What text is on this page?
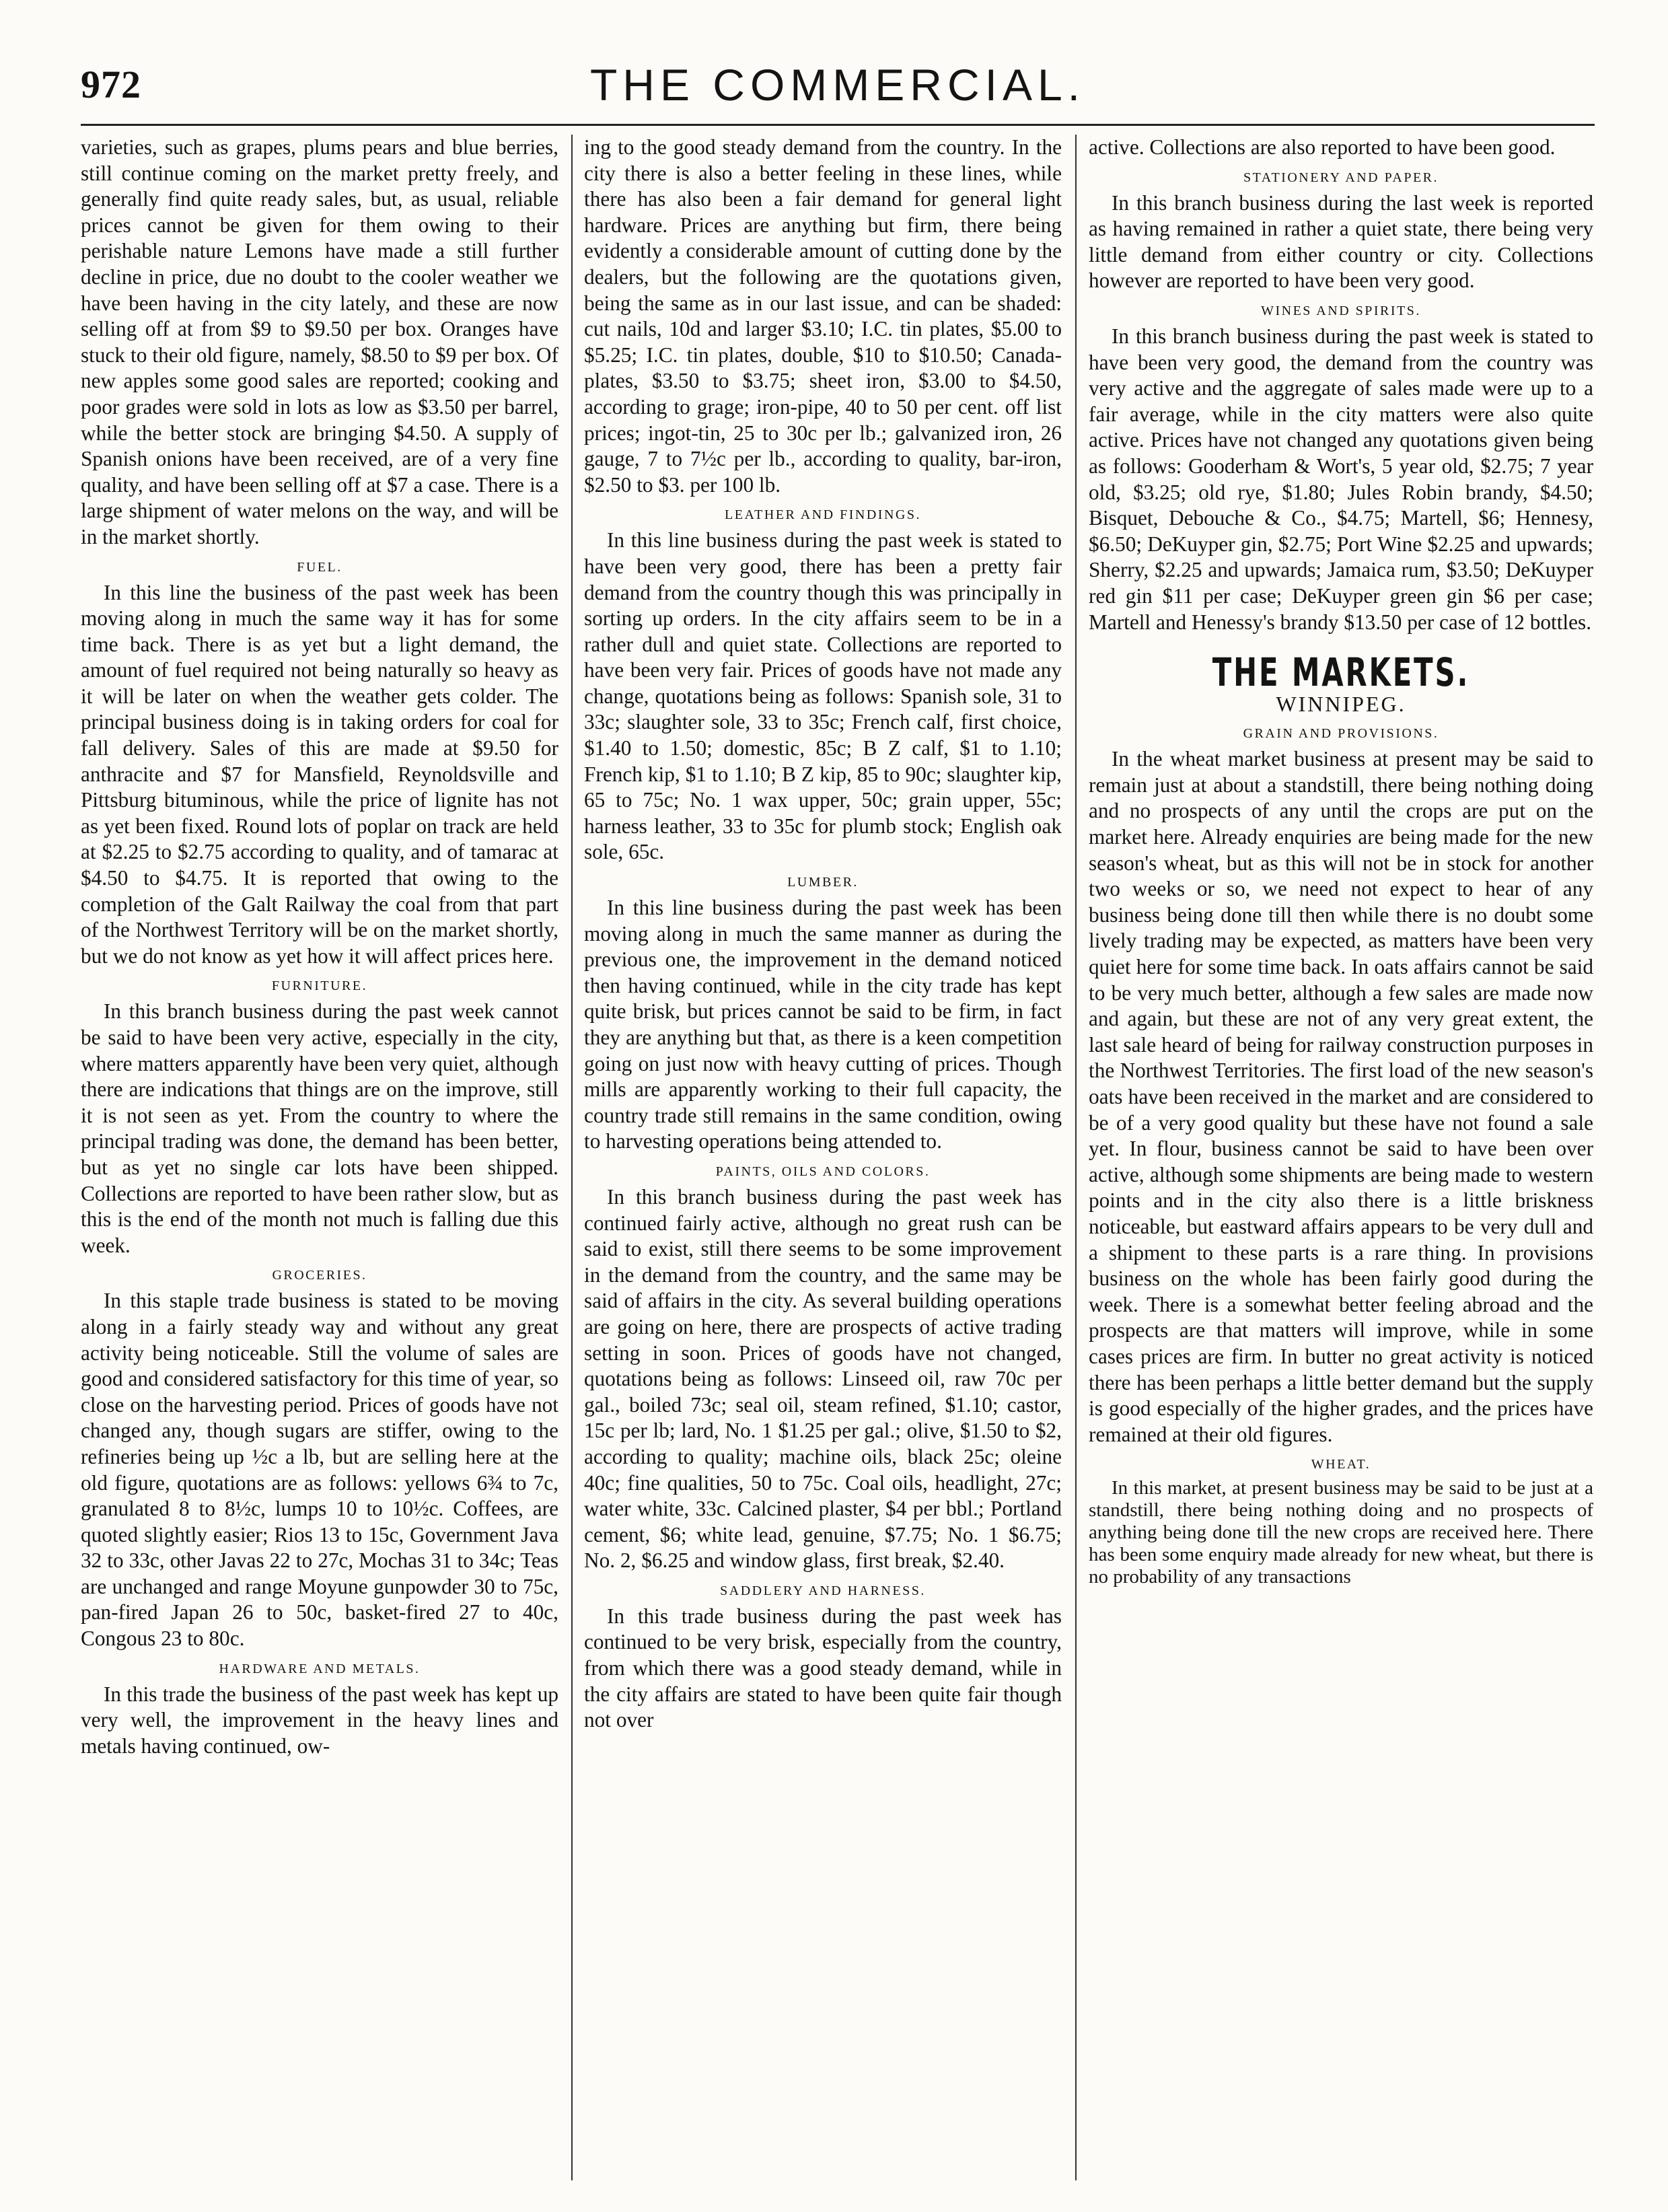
972	THE COMMERCIAL.

varieties, such as grapes, plums pears and blue berries, still continue coming on the market pretty freely, and generally find quite ready sales, but, as usual, reliable prices cannot be given for them owing to their perishable nature Lemons have made a still further decline in price, due no doubt to the cooler weather we have been having in the city lately, and these are now selling off at from $9 to $9.50 per box. Oranges have stuck to their old figure, namely, $8.50 to $9 per box. Of new apples some good sales are reported; cooking and poor grades were sold in lots as low as $3.50 per barrel, while the better stock are bringing $4.50. A supply of Spanish onions have been received, are of a very fine quality, and have been selling off at $7 a case. There is a large shipment of water melons on the way, and will be in the market shortly.

FUEL.

In this line the business of the past week has been moving along in much the same way it has for some time back. There is as yet but a light demand, the amount of fuel required not being naturally so heavy as it will be later on when the weather gets colder. The principal business doing is in taking orders for coal for fall delivery. Sales of this are made at $9.50 for anthracite and $7 for Mansfield, Reynoldsville and Pittsburg bituminous, while the price of lignite has not as yet been fixed. Round lots of poplar on track are held at $2.25 to $2.75 according to quality, and of tamarac at $4.50 to $4.75. It is reported that owing to the completion of the Galt Railway the coal from that part of the Northwest Territory will be on the market shortly, but we do not know as yet how it will affect prices here.

FURNITURE.

In this branch business during the past week cannot be said to have been very active, especially in the city, where matters apparently have been very quiet, although there are indications that things are on the improve, still it is not seen as yet. From the country to where the principal trading was done, the demand has been better, but as yet no single car lots have been shipped. Collections are reported to have been rather slow, but as this is the end of the month not much is falling due this week.

GROCERIES.

In this staple trade business is stated to be moving along in a fairly steady way and without any great activity being noticeable. Still the volume of sales are good and considered satisfactory for this time of year, so close on the harvesting period. Prices of goods have not changed any, though sugars are stiffer, owing to the refineries being up ½c a lb, but are selling here at the old figure, quotations are as follows: yellows 6¾ to 7c, granulated 8 to 8½c, lumps 10 to 10½c. Coffees, are quoted slightly easier; Rios 13 to 15c, Government Java 32 to 33c, other Javas 22 to 27c, Mochas 31 to 34c; Teas are unchanged and range Moyune gunpowder 30 to 75c, pan-fired Japan 26 to 50c, basket-fired 27 to 40c, Congous 23 to 80c.

HARDWARE AND METALS.

In this trade the business of the past week has kept up very well, the improvement in the heavy lines and metals having continued, ow-

ing to the good steady demand from the country. In the city there is also a better feeling in these lines, while there has also been a fair demand for general light hardware. Prices are anything but firm, there being evidently a considerable amount of cutting done by the dealers, but the following are the quotations given, being the same as in our last issue, and can be shaded: cut nails, 10d and larger $3.10; I.C. tin plates, $5.00 to $5.25; I.C. tin plates, double, $10 to $10.50; Canada-plates, $3.50 to $3.75; sheet iron, $3.00 to $4.50, according to grage; iron-pipe, 40 to 50 per cent. off list prices; ingot-tin, 25 to 30c per lb.; galvanized iron, 26 gauge, 7 to 7½c per lb., according to quality, bar-iron, $2.50 to $3. per 100 lb.

LEATHER AND FINDINGS.

In this line business during the past week is stated to have been very good, there has been a pretty fair demand from the country though this was principally in sorting up orders. In the city affairs seem to be in a rather dull and quiet state. Collections are reported to have been very fair. Prices of goods have not made any change, quotations being as follows: Spanish sole, 31 to 33c; slaughter sole, 33 to 35c; French calf, first choice, $1.40 to 1.50; domestic, 85c; B Z calf, $1 to 1.10; French kip, $1 to 1.10; B Z kip, 85 to 90c; slaughter kip, 65 to 75c; No. 1 wax upper, 50c; grain upper, 55c; harness leather, 33 to 35c for plumb stock; English oak sole, 65c.

LUMBER.

In this line business during the past week has been moving along in much the same manner as during the previous one, the improvement in the demand noticed then having continued, while in the city trade has kept quite brisk, but prices cannot be said to be firm, in fact they are anything but that, as there is a keen competition going on just now with heavy cutting of prices. Though mills are apparently working to their full capacity, the country trade still remains in the same condition, owing to harvesting operations being attended to.

PAINTS, OILS AND COLORS.

In this branch business during the past week has continued fairly active, although no great rush can be said to exist, still there seems to be some improvement in the demand from the country, and the same may be said of affairs in the city. As several building operations are going on here, there are prospects of active trading setting in soon. Prices of goods have not changed, quotations being as follows: Linseed oil, raw 70c per gal., boiled 73c; seal oil, steam refined, $1.10; castor, 15c per lb; lard, No. 1 $1.25 per gal.; olive, $1.50 to $2, according to quality; machine oils, black 25c; oleine 40c; fine qualities, 50 to 75c. Coal oils, headlight, 27c; water white, 33c. Calcined plaster, $4 per bbl.; Portland cement, $6; white lead, genuine, $7.75; No. 1 $6.75; No. 2, $6.25 and window glass, first break, $2.40.

SADDLERY AND HARNESS.

In this trade business during the past week has continued to be very brisk, especially from the country, from which there was a good steady demand, while in the city affairs are stated to have been quite fair though not over

active. Collections are also reported to have been good.

STATIONERY AND PAPER.

In this branch business during the last week is reported as having remained in rather a quiet state, there being very little demand from either country or city. Collections however are reported to have been very good.

WINES AND SPIRITS.

In this branch business during the past week is stated to have been very good, the demand from the country was very active and the aggregate of sales made were up to a fair average, while in the city matters were also quite active. Prices have not changed any quotations given being as follows: Gooderham & Wort's, 5 year old, $2.75; 7 year old, $3.25; old rye, $1.80; Jules Robin brandy, $4.50; Bisquet, Debouche & Co., $4.75; Martell, $6; Hennesy, $6.50; DeKuyper gin, $2.75; Port Wine $2.25 and upwards; Sherry, $2.25 and upwards; Jamaica rum, $3.50; DeKuyper red gin $11 per case; DeKuyper green gin $6 per case; Martell and Henessy's brandy $13.50 per case of 12 bottles.

THE MARKETS.
WINNIPEG.
GRAIN AND PROVISIONS.

In the wheat market business at present may be said to remain just at about a standstill, there being nothing doing and no prospects of any until the crops are put on the market here. Already enquiries are being made for the new season's wheat, but as this will not be in stock for another two weeks or so, we need not expect to hear of any business being done till then while there is no doubt some lively trading may be expected, as matters have been very quiet here for some time back. In oats affairs cannot be said to be very much better, although a few sales are made now and again, but these are not of any very great extent, the last sale heard of being for railway construction purposes in the Northwest Territories. The first load of the new season's oats have been received in the market and are considered to be of a very good quality but these have not found a sale yet. In flour, business cannot be said to have been over active, although some shipments are being made to western points and in the city also there is a little briskness noticeable, but eastward affairs appears to be very dull and a shipment to these parts is a rare thing. In provisions business on the whole has been fairly good during the week. There is a somewhat better feeling abroad and the prospects are that matters will improve, while in some cases prices are firm. In butter no great activity is noticed there has been perhaps a little better demand but the supply is good especially of the higher grades, and the prices have remained at their old figures.

WHEAT.

In this market, at present business may be said to be just at a standstill, there being nothing doing and no prospects of anything being done till the new crops are received here. There has been some enquiry made already for new wheat, but there is no probability of any transactions
